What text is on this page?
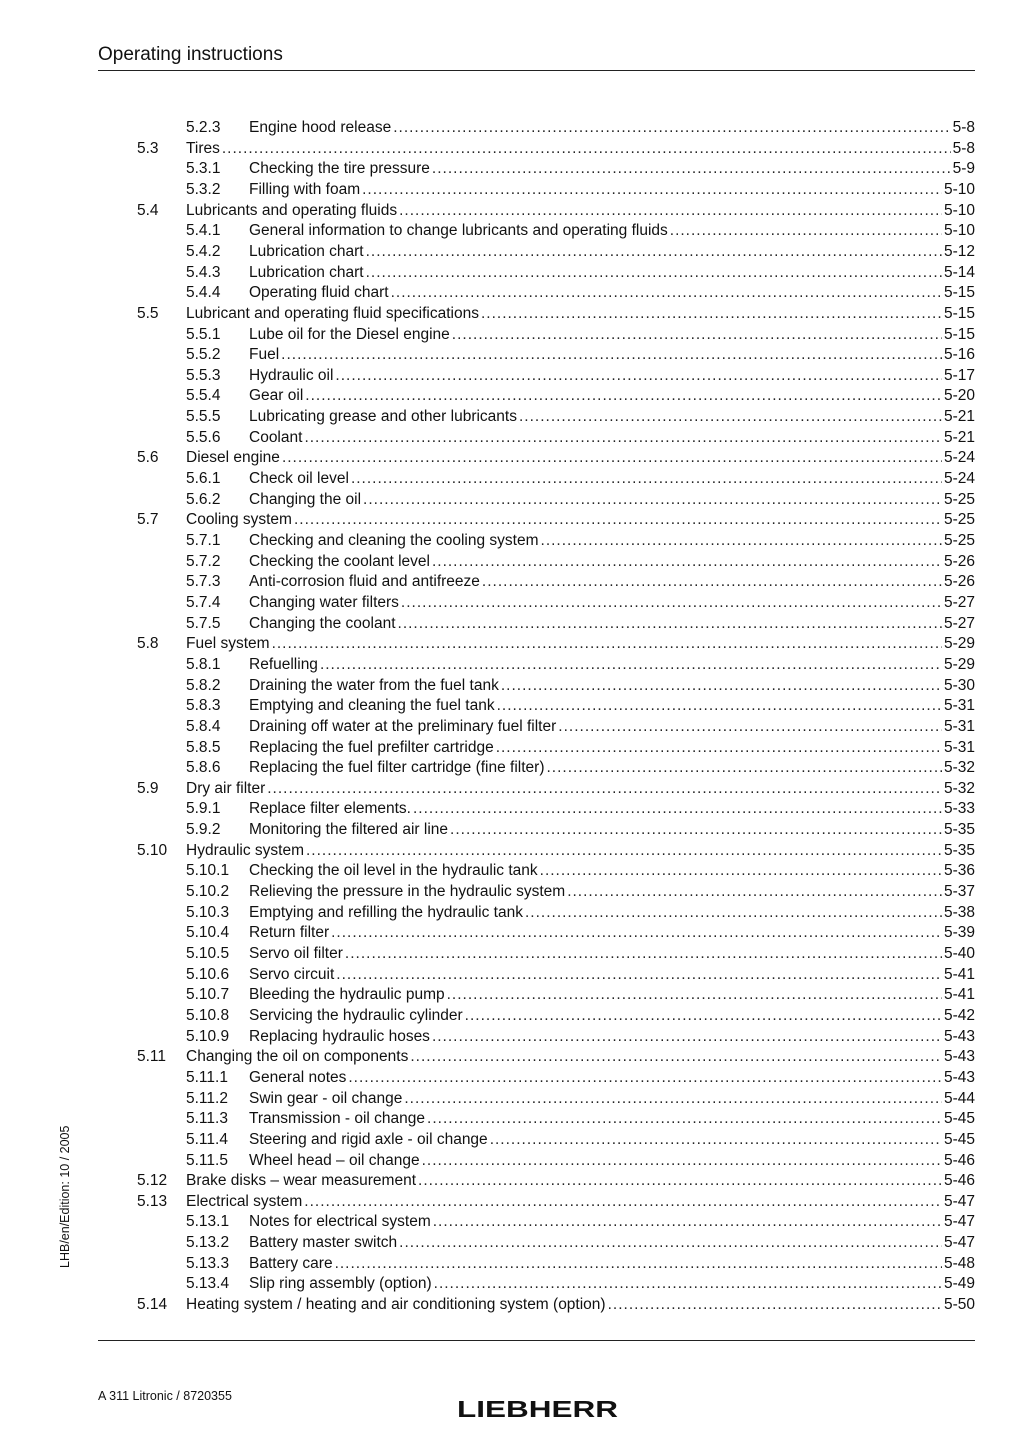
Operating instructions
5.2.3 Engine hood release .....	5-8
5.3 Tires .....	5-8
5.3.1 Checking the tire pressure .....	5-9
5.3.2 Filling with foam .....	5-10
5.4 Lubricants and operating fluids .....	5-10
5.4.1 General information to change lubricants and operating fluids .....	5-10
5.4.2 Lubrication chart .....	5-12
5.4.3 Lubrication chart .....	5-14
5.4.4 Operating fluid chart .....	5-15
5.5 Lubricant and operating fluid specifications .....	5-15
5.5.1 Lube oil for the Diesel engine .....	5-15
5.5.2 Fuel .....	5-16
5.5.3 Hydraulic oil .....	5-17
5.5.4 Gear oil .....	5-20
5.5.5 Lubricating grease and other lubricants .....	5-21
5.5.6 Coolant .....	5-21
5.6 Diesel engine .....	5-24
5.6.1 Check oil level .....	5-24
5.6.2 Changing the oil .....	5-25
5.7 Cooling system .....	5-25
5.7.1 Checking and cleaning the cooling system .....	5-25
5.7.2 Checking the coolant level .....	5-26
5.7.3 Anti-corrosion fluid and antifreeze .....	5-26
5.7.4 Changing water filters .....	5-27
5.7.5 Changing the coolant .....	5-27
5.8 Fuel system .....	5-29
5.8.1 Refuelling .....	5-29
5.8.2 Draining the water from the fuel tank .....	5-30
5.8.3 Emptying and cleaning the fuel tank .....	5-31
5.8.4 Draining off water at the preliminary fuel filter .....	5-31
5.8.5 Replacing the fuel prefilter cartridge .....	5-31
5.8.6 Replacing the fuel filter cartridge (fine filter) .....	5-32
5.9 Dry air filter .....	5-32
5.9.1 Replace filter elements. .....	5-33
5.9.2 Monitoring the filtered air line .....	5-35
5.10 Hydraulic system .....	5-35
5.10.1 Checking the oil level in the hydraulic tank .....	5-36
5.10.2 Relieving the pressure in the hydraulic system .....	5-37
5.10.3 Emptying and refilling the hydraulic tank .....	5-38
5.10.4 Return filter .....	5-39
5.10.5 Servo oil filter .....	5-40
5.10.6 Servo circuit .....	5-41
5.10.7 Bleeding the hydraulic pump .....	5-41
5.10.8 Servicing the hydraulic cylinder .....	5-42
5.10.9 Replacing hydraulic hoses .....	5-43
5.11 Changing the oil on components .....	5-43
5.11.1 General notes .....	5-43
5.11.2 Swin gear - oil change .....	5-44
5.11.3 Transmission - oil change .....	5-45
5.11.4 Steering and rigid axle - oil change .....	5-45
5.11.5 Wheel head – oil change .....	5-46
5.12 Brake disks – wear measurement .....	5-46
5.13 Electrical system .....	5-47
5.13.1 Notes for electrical system .....	5-47
5.13.2 Battery master switch .....	5-47
5.13.3 Battery care .....	5-48
5.13.4 Slip ring assembly (option) .....	5-49
5.14 Heating system / heating and air conditioning system (option) .....	5-50
LHB/en/Edition: 10 / 2005
A 311 Litronic / 8720355	LIEBHERR
